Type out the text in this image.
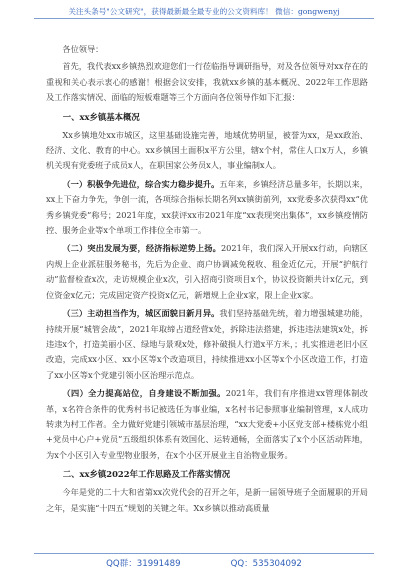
关注头条号"公文研究"，获得最新最全最专业的公文资料库！ 微信：gongwenyj

各位领导：

首先，我代表xx乡镇热烈欢迎您们一行莅临指导调研指导，对及各位领导对xx存在的重视和关心表示衷心的感谢！根据会议安排，我就xx乡镇的基本概况、2022年工作思路及工作落实情况、面临的短板难题等三个方面向各位领导作如下汇报：

一、xx乡镇基本概况

Xx乡镇地处xx市城区，这里基础设施完善，地域优势明显，被誉为xx，是xx政治、经济、文化、教育的中心。xx乡镇国土面积x平方公里，辖x个村，常住人口x万人，乡镇机关现有党委班子成员x人，在职国家公务员x人，事业编制x人。

（一）积极争先进位，综合实力稳步提升。五年来，乡镇经济总量多年，长期以来，xx上下奋力争先，争创一流，各项综合指标长期名列xx镇街前列，xx党委多次获得xx“优秀乡镇党委”称号；2021年度，xx获评xx市2021年度“xx表现突出集体”，xx乡镇疫情防控、服务企业等x个单项工作排位全市第一。

（二）突出发展为要，经济指标逆势上扬。2021年，我们深入开展xx行动，向辖区内规上企业派驻服务秘书，先后为企业、商户协调减免税收、租金近亿元，开展“护航行动”监督检查x次，走访规模企业x次，引入招商引资项目x个，协议投资额共计x亿元，到位资金x亿元；完成固定资产投资x亿元，新增规上企业x家，限上企业x家。

（三）主动担当作为，城区面貌日新月异。我们坚持基础先统，着力增强城建功能，持续开展“城管会战”，2021年取缔占道经营x处，拆除违法搭建，拆违违法建筑x处，拆违违x个，打造美丽小区、绿地与景观x处，修补破损人行道x平方米，；扎实推进老旧小区改造，完成xx小区、xx小区等x个改造项目，持续推进xx小区等x个小区改造工作，打造了xx小区等x个党建引领小区治理示范点。

（四）全力提高站位，自身建设不断加强。2021年，我们有序推进xx管理体制改革，x名符合条件的优秀村书记被选任为事业编，x名村书记参照事业编制管理，x人成功转隶为村工作者。全力做好党建引领城市基层治理，“xx大党委+小区党支部+楼栋党小组+党员中心户+党员”五级组织体系有效国化、运转通畅，全面落实了x个小区活动阵地，为x个小区引入专业型物业服务，在x个小区开展业主自治物业服务。

二、xx乡镇2022年工作思路及工作落实情况

今年是党的二十大和省第xx次党代会的召开之年，是新一届领导班子全面履职的开局之年，是实施“十四五”规划的关键之年。Xx乡镇以推动高质量

QQ群：31991489	QQ：535304092
